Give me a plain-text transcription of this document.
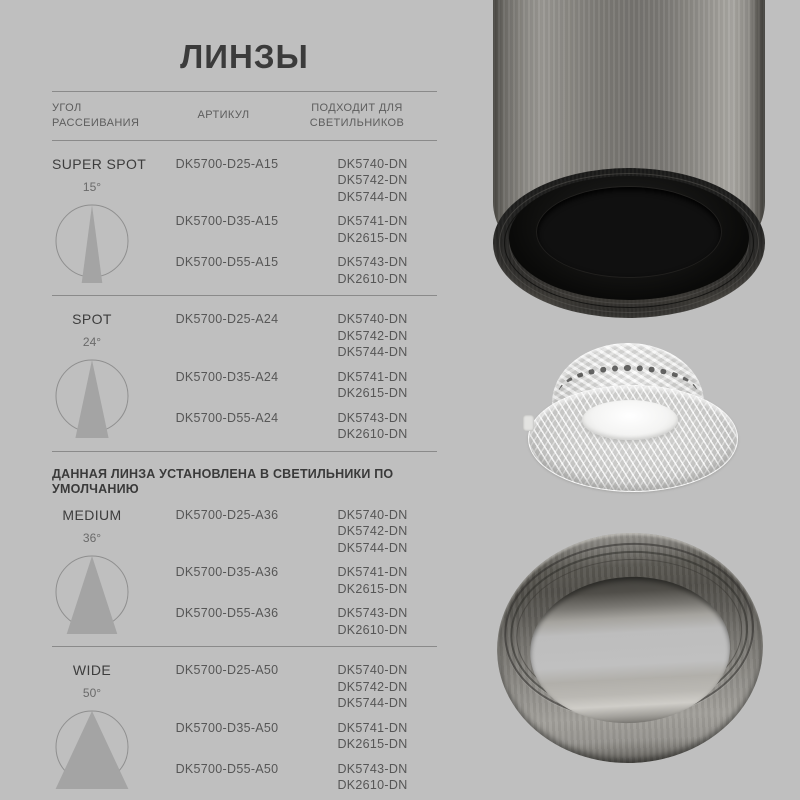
ЛИНЗЫ
УГОЛ РАССЕИВАНИЯ
АРТИКУЛ
ПОДХОДИТ ДЛЯ СВЕТИЛЬНИКОВ
SUPER SPOT
15°
DK5700-D25-A15	DK5740-DN
DK5742-DN
DK5744-DN
DK5700-D35-A15	DK5741-DN
DK2615-DN
DK5700-D55-A15	DK5743-DN
DK2610-DN
SPOT
24°
DK5700-D25-A24	DK5740-DN
DK5742-DN
DK5744-DN
DK5700-D35-A24	DK5741-DN
DK2615-DN
DK5700-D55-A24	DK5743-DN
DK2610-DN
ДАННАЯ ЛИНЗА УСТАНОВЛЕНА В СВЕТИЛЬНИКИ ПО УМОЛЧАНИЮ
MEDIUM
36°
DK5700-D25-A36	DK5740-DN
DK5742-DN
DK5744-DN
DK5700-D35-A36	DK5741-DN
DK2615-DN
DK5700-D55-A36	DK5743-DN
DK2610-DN
WIDE
50°
DK5700-D25-A50	DK5740-DN
DK5742-DN
DK5744-DN
DK5700-D35-A50	DK5741-DN
DK2615-DN
DK5700-D55-A50	DK5743-DN
DK2610-DN
